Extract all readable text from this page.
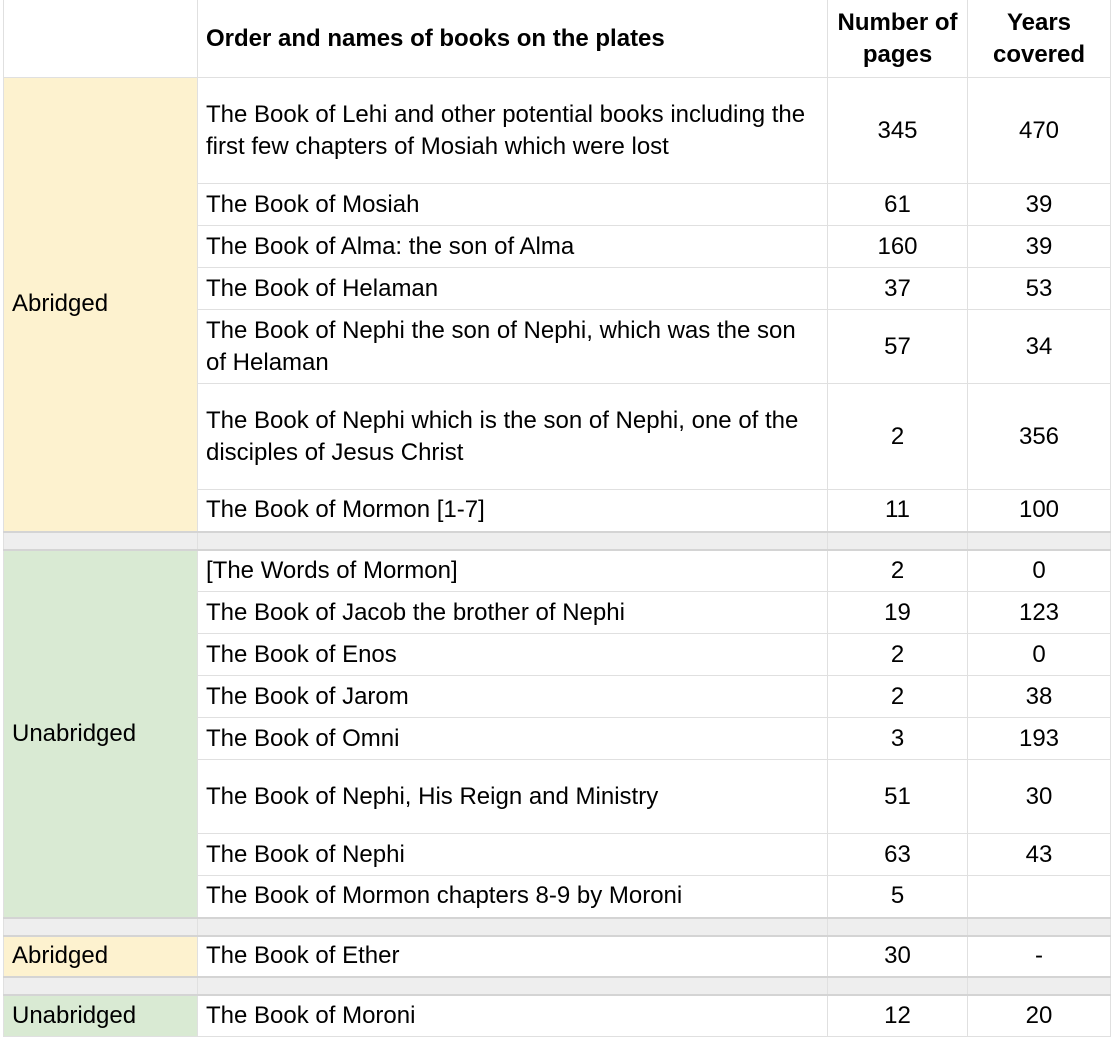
	Order and names of books on the plates	Number of pages	Years covered
Abridged	The Book of Lehi and other potential books including the first few chapters of Mosiah which were lost	345	470
	The Book of Mosiah	61	39
	The Book of Alma: the son of Alma	160	39
	The Book of Helaman	37	53
	The Book of Nephi the son of Nephi, which was the son of Helaman	57	34
	The Book of Nephi which is the son of Nephi, one of the disciples of Jesus Christ	2	356
	The Book of Mormon [1-7]	11	100

Unabridged	[The Words of Mormon]	2	0
	The Book of Jacob the brother of Nephi	19	123
	The Book of Enos	2	0
	The Book of Jarom	2	38
	The Book of Omni	3	193
	The Book of Nephi, His Reign and Ministry	51	30
	The Book of Nephi	63	43
	The Book of Mormon chapters 8-9 by Moroni	5	

Abridged	The Book of Ether	30	-

Unabridged	The Book of Moroni	12	20
